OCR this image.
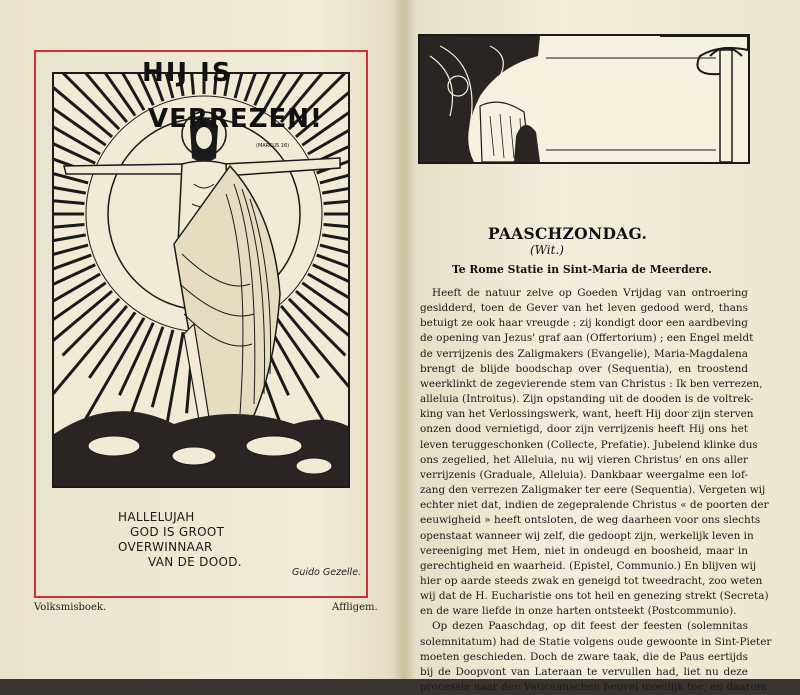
HALLELUJAH
GOD IS GROOT
OVERWINNAAR
VAN DE DOOD.
Guido Gezelle.
Volksmisboek.	Affligem.
HIJ IS
VERREZEN!
(MARCUS 16)
PAASCHZONDAG.
(Wit.)
Te Rome Statie in Sint-Maria de Meerdere.
Heeft de natuur zelve op Goeden Vrijdag van ontroering
gesidderd, toen de Gever van het leven gedood werd, thans
betuigt ze ook haar vreugde : zij kondigt door een aardbeving
de opening van Jezus' graf aan (Offertorium) ; een Engel meldt
de verrijzenis des Zaligmakers (Evangelie), Maria-Magdalena
brengt de blijde boodschap over (Sequentia), en troostend
weerklinkt de zegevierende stem van Christus : Ik ben verrezen,
alleluia (Introitus). Zijn opstanding uit de dooden is de voltrek-
king van het Verlossingswerk, want, heeft Hij door zijn sterven
onzen dood vernietigd, door zijn verrijzenis heeft Hij ons het
leven teruggeschonken (Collecte, Prefatie). Jubelend klinke dus
ons zegelied, het Alleluia, nu wij vieren Christus' en ons aller
verrijzenis (Graduale, Alleluia). Dankbaar weergalme een lof-
zang den verrezen Zaligmaker ter eere (Sequentia). Vergeten wij
echter niet dat, indien de zegepralende Christus « de poorten der
eeuwigheid » heeft ontsloten, de weg daarheen voor ons slechts
openstaat wanneer wij zelf, die gedoopt zijn, werkelijk leven in
vereeniging met Hem, niet in ondeugd en boosheid, maar in
gerechtigheid en waarheid. (Epistel, Communio.) En blijven wij
hier op aarde steeds zwak en geneigd tot tweedracht, zoo weten
wij dat de H. Eucharistie ons tot heil en genezing strekt (Secreta)
en de ware liefde in onze harten ontsteekt (Postcommunio).
Op dezen Paaschdag, op dit feest der feesten (solemnitas
solemnitatum) had de Statie volgens oude gewoonte in Sint-Pieter
moeten geschieden. Doch de zware taak, die de Paus eertijds
bij de Doopvont van Lateraan te vervullen had, liet nu deze
processie naar den Vaticaanschen heuvel moeilijk toe, en daarom
